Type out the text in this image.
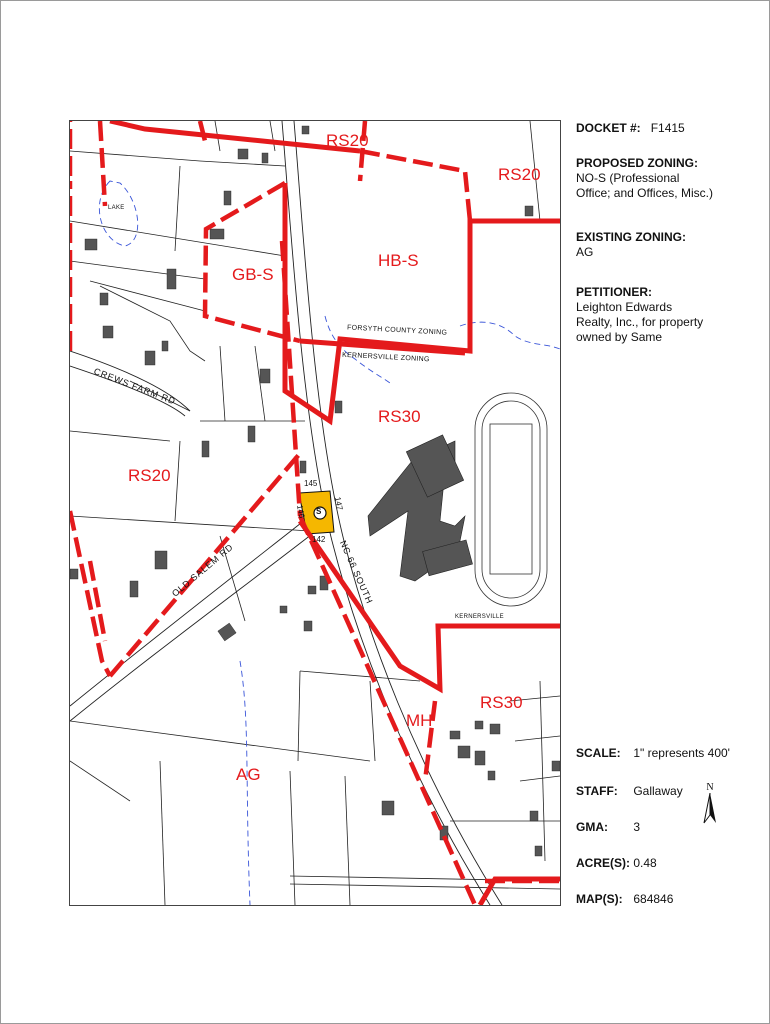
RS20
RS20
HB-S
GB-S
RS30
RS20
RS30
MH
AG
LAKE
FORSYTH COUNTY ZONING
KERNERSVILLE ZONING
KERNERSVILLE
S
CREWS FARM RD
OLD SALEM RD	NC 66 SOUTH
145
146
147
142
DOCKET #: F1415
PROPOSED ZONING:
NO-S (Professional Office; and Offices, Misc.)
EXISTING ZONING:
AG
PETITIONER:
Leighton Edwards Realty, Inc., for property owned by Same
SCALE: 1" represents 400'
STAFF: Gallaway
GMA: 3
ACRE(S): 0.48
MAP(S): 684846
N
